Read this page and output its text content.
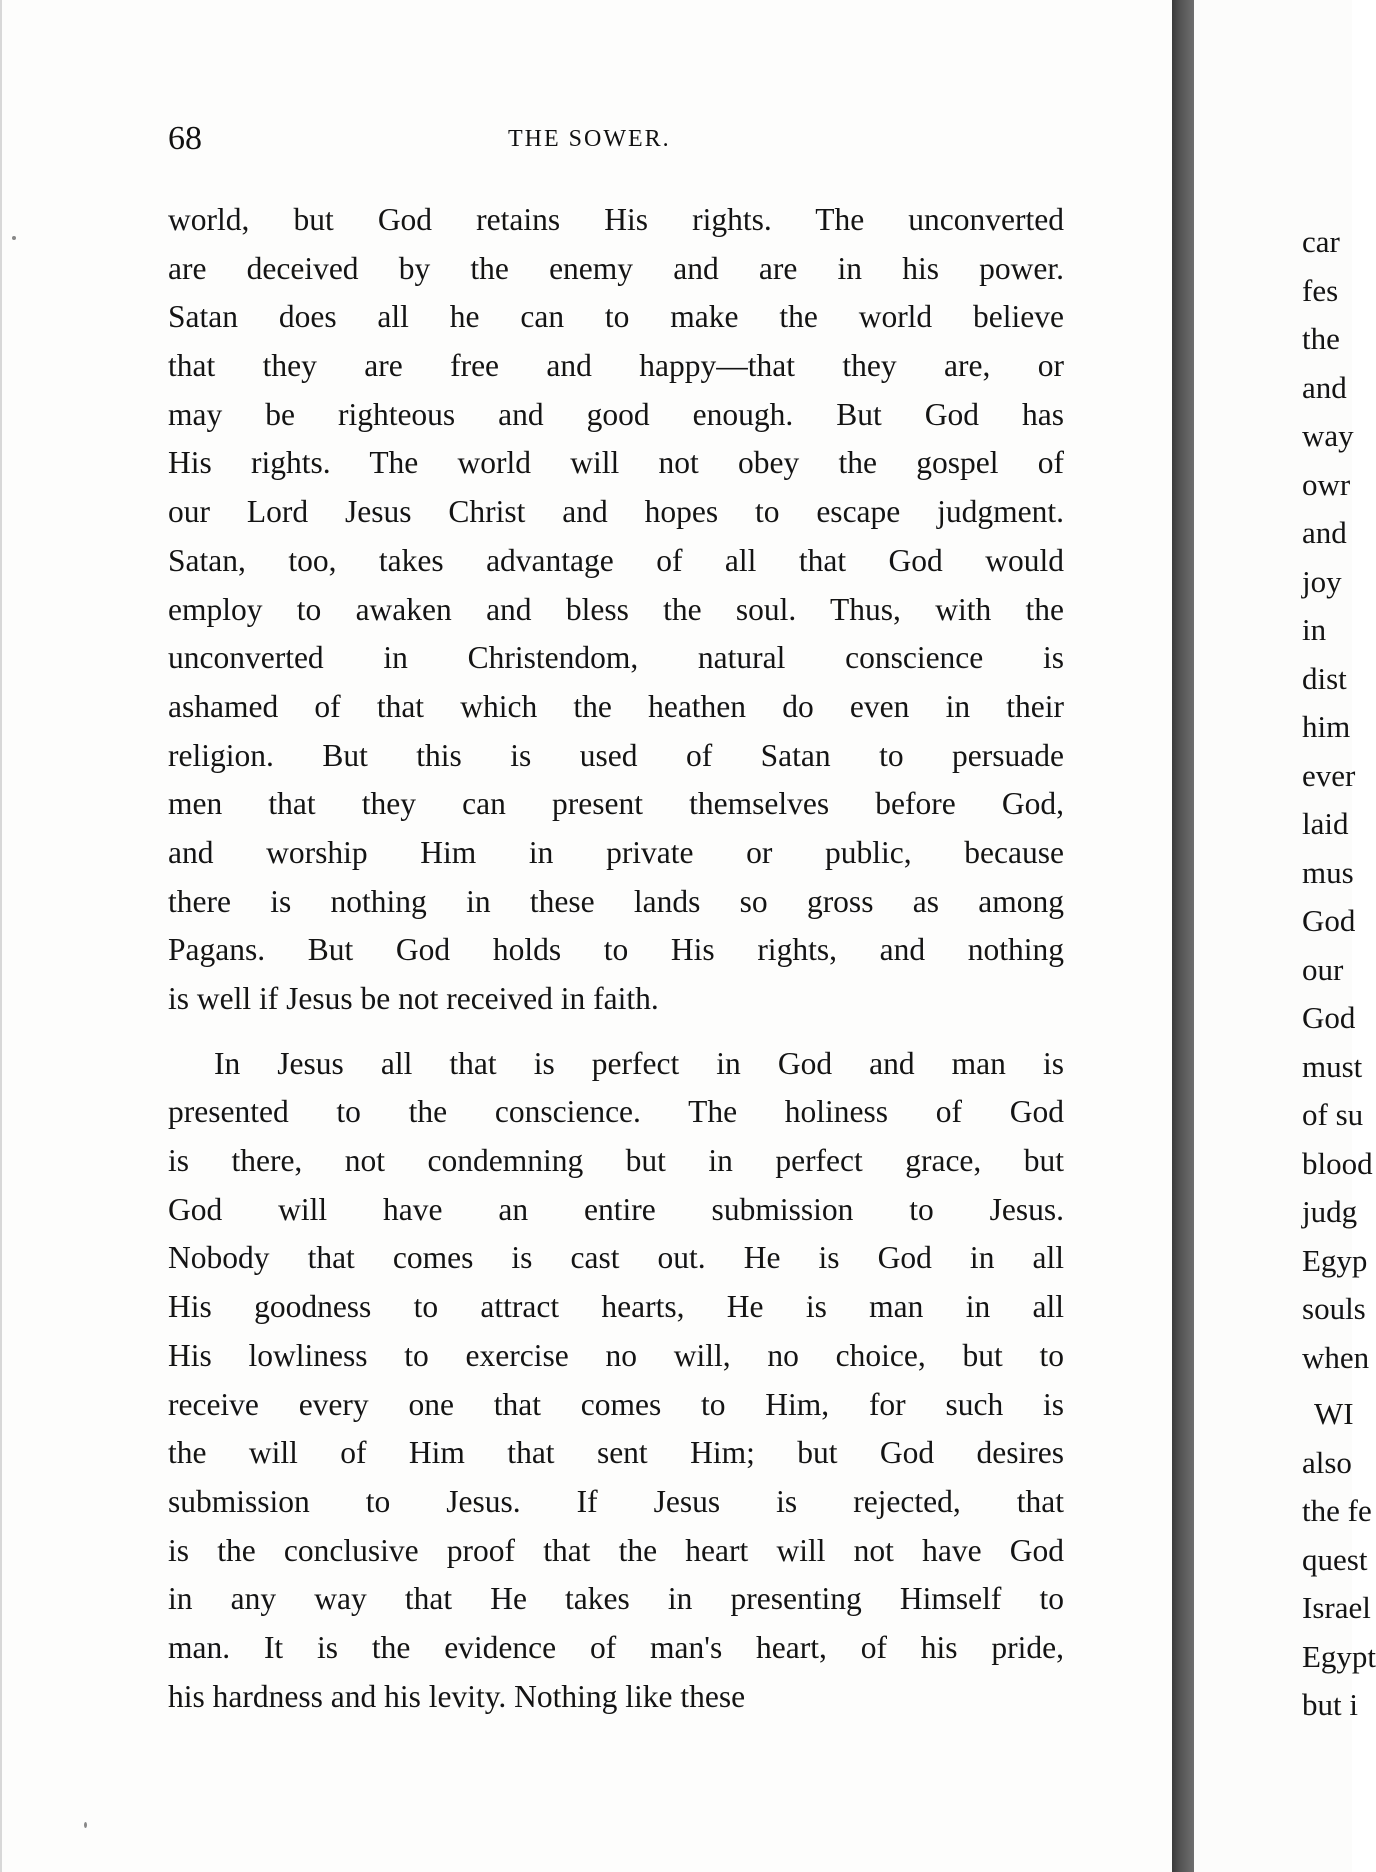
68	THE SOWER.
world, but God retains His rights. The unconverted
are deceived by the enemy and are in his power.
Satan does all he can to make the world believe
that they are free and happy—that they are, or
may be righteous and good enough. But God has
His rights. The world will not obey the gospel of
our Lord Jesus Christ and hopes to escape judgment.
Satan, too, takes advantage of all that God would
employ to awaken and bless the soul. Thus, with the
unconverted in Christendom, natural conscience is
ashamed of that which the heathen do even in their
religion. But this is used of Satan to persuade
men that they can present themselves before God,
and worship Him in private or public, because
there is nothing in these lands so gross as among
Pagans. But God holds to His rights, and nothing
is well if Jesus be not received in faith.
In Jesus all that is perfect in God and man is
presented to the conscience. The holiness of God
is there, not condemning but in perfect grace, but
God will have an entire submission to Jesus.
Nobody that comes is cast out. He is God in all
His goodness to attract hearts, He is man in all
His lowliness to exercise no will, no choice, but to
receive every one that comes to Him, for such is
the will of Him that sent Him; but God desires
submission to Jesus. If Jesus is rejected, that
is the conclusive proof that the heart will not have God
in any way that He takes in presenting Himself to
man. It is the evidence of man's heart, of his pride,
his hardness and his levity. Nothing like these
car
fes
the
and
way
owr
and
joy
in
dist
him
ever
laid
mus
God
our
God
must
of su
blood
judg
Egyp
souls
when
WI
also
the fe
quest
Israel
Egypt
but i
